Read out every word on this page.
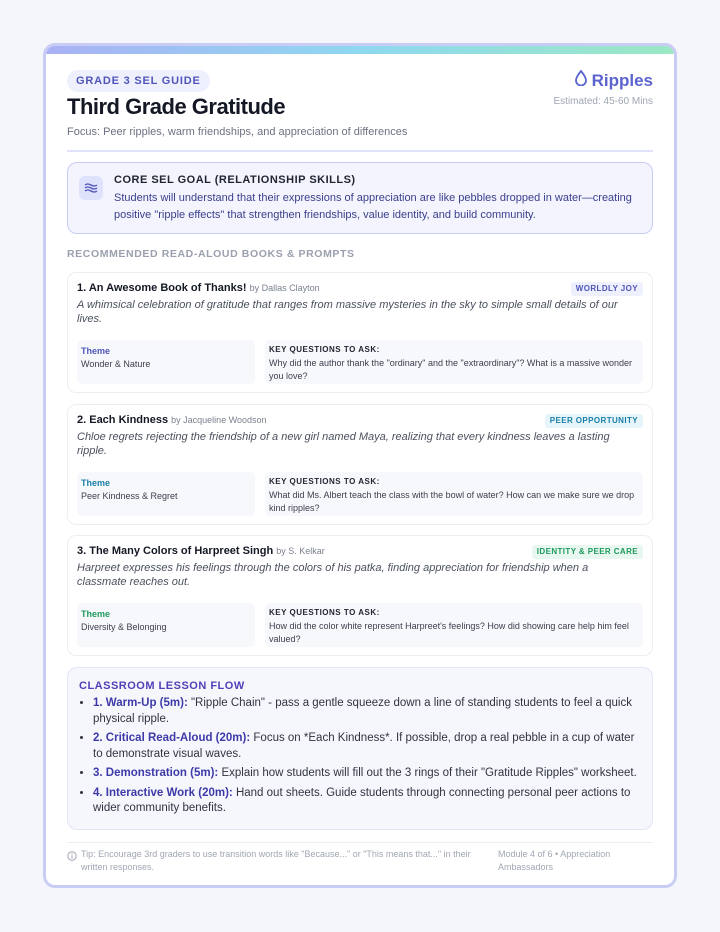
GRADE 3 SEL GUIDE	Ripples
Estimated: 45-60 Mins
Third Grade Gratitude
Focus: Peer ripples, warm friendships, and appreciation of differences
CORE SEL GOAL (RELATIONSHIP SKILLS)
Students will understand that their expressions of appreciation are like pebbles dropped in water—creating positive "ripple effects" that strengthen friendships, value identity, and build community.
RECOMMENDED READ-ALOUD BOOKS & PROMPTS
1. An Awesome Book of Thanks! by Dallas Clayton	WORLDLY JOY
A whimsical celebration of gratitude that ranges from massive mysteries in the sky to simple small details of our lives.
Theme
Wonder & Nature
KEY QUESTIONS TO ASK:
Why did the author thank the "ordinary" and the "extraordinary"? What is a massive wonder you love?
2. Each Kindness by Jacqueline Woodson	PEER OPPORTUNITY
Chloe regrets rejecting the friendship of a new girl named Maya, realizing that every kindness leaves a lasting ripple.
Theme
Peer Kindness & Regret
KEY QUESTIONS TO ASK:
What did Ms. Albert teach the class with the bowl of water? How can we make sure we drop kind ripples?
3. The Many Colors of Harpreet Singh by S. Kelkar	IDENTITY & PEER CARE
Harpreet expresses his feelings through the colors of his patka, finding appreciation for friendship when a classmate reaches out.
Theme
Diversity & Belonging
KEY QUESTIONS TO ASK:
How did the color white represent Harpreet's feelings? How did showing care help him feel valued?
CLASSROOM LESSON FLOW
• 1. Warm-Up (5m): "Ripple Chain" - pass a gentle squeeze down a line of standing students to feel a quick physical ripple.
• 2. Critical Read-Aloud (20m): Focus on *Each Kindness*. If possible, drop a real pebble in a cup of water to demonstrate visual waves.
• 3. Demonstration (5m): Explain how students will fill out the 3 rings of their "Gratitude Ripples" worksheet.
• 4. Interactive Work (20m): Hand out sheets. Guide students through connecting personal peer actions to wider community benefits.
Tip: Encourage 3rd graders to use transition words like "Because..." or "This means that..." in their written responses.
Module 4 of 6 • Appreciation Ambassadors
